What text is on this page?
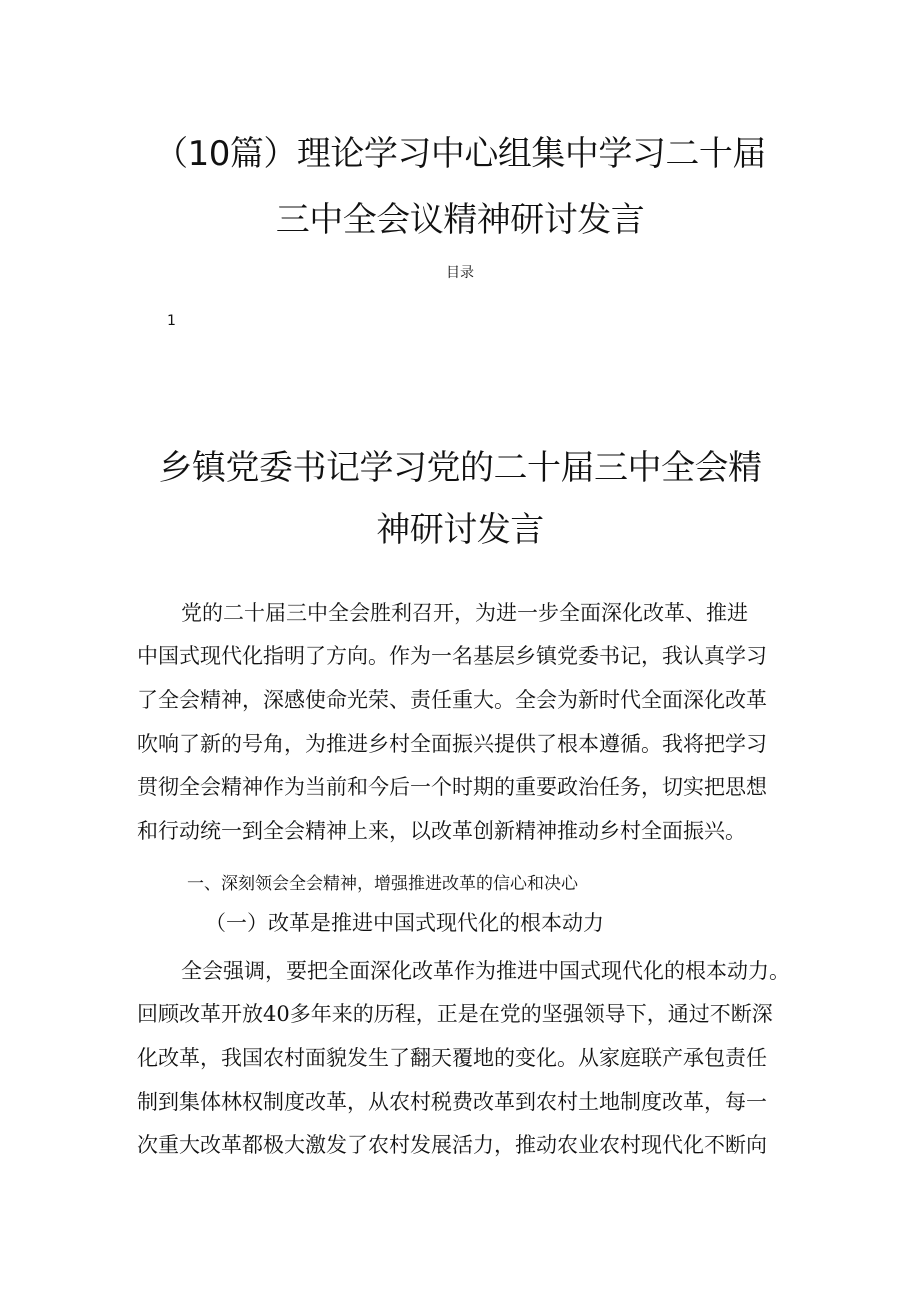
（10篇）理论学习中心组集中学习二十届
三中全会议精神研讨发言
目录
1
乡镇党委书记学习党的二十届三中全会精
神研讨发言
党的二十届三中全会胜利召开，为进一步全面深化改革、推进
中国式现代化指明了方向。作为一名基层乡镇党委书记，我认真学习
了全会精神，深感使命光荣、责任重大。全会为新时代全面深化改革
吹响了新的号角，为推进乡村全面振兴提供了根本遵循。我将把学习
贯彻全会精神作为当前和今后一个时期的重要政治任务，切实把思想
和行动统一到全会精神上来，以改革创新精神推动乡村全面振兴。
一、深刻领会全会精神，增强推进改革的信心和决心
（一）改革是推进中国式现代化的根本动力
全会强调，要把全面深化改革作为推进中国式现代化的根本动力。
回顾改革开放40多年来的历程，正是在党的坚强领导下，通过不断深
化改革，我国农村面貌发生了翻天覆地的变化。从家庭联产承包责任
制到集体林权制度改革，从农村税费改革到农村土地制度改革，每一
次重大改革都极大激发了农村发展活力，推动农业农村现代化不断向
